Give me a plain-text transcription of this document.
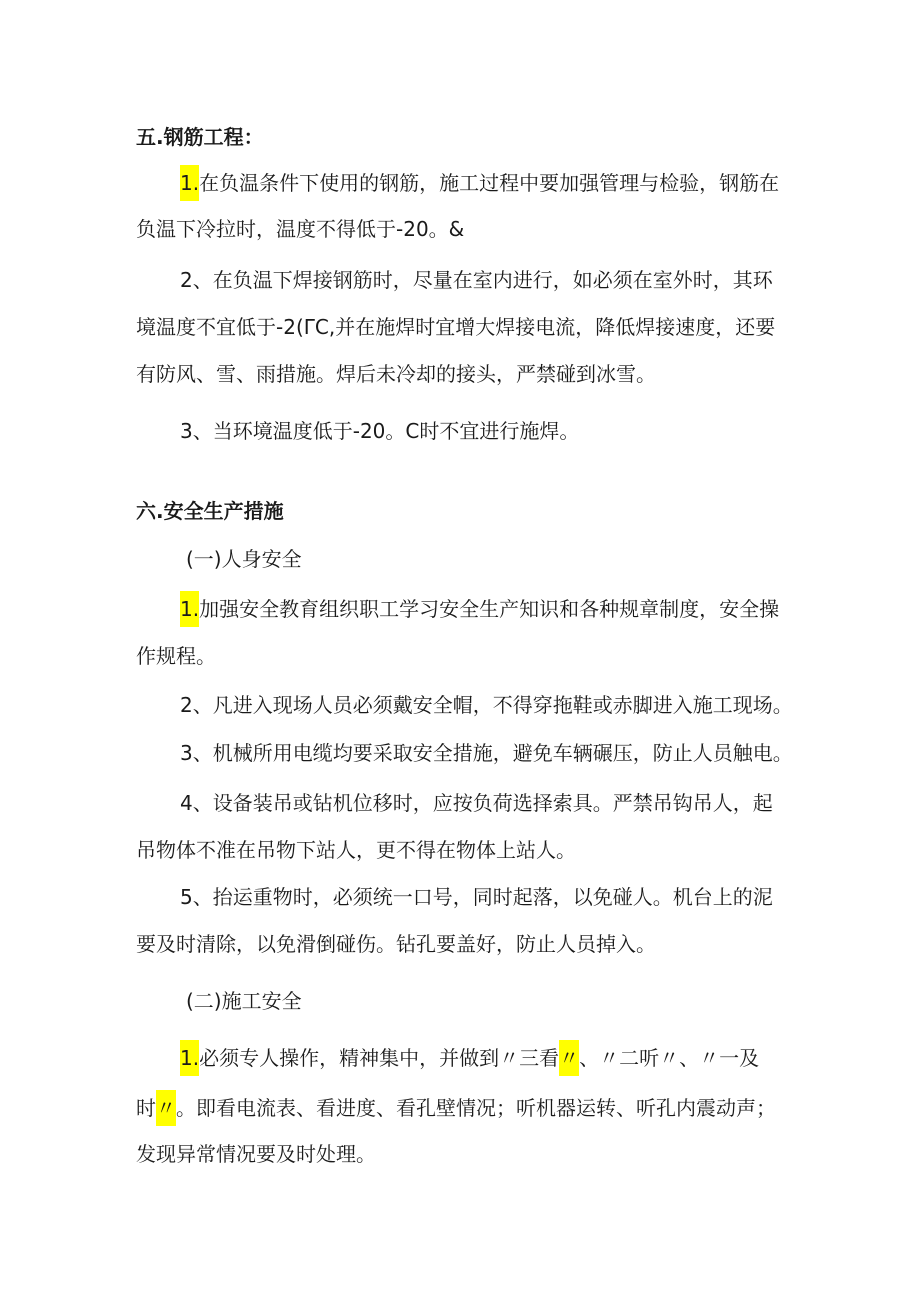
五.钢筋工程：
1.在负温条件下使用的钢筋，施工过程中要加强管理与检验，钢筋在
负温下冷拉时，温度不得低于-20。&
2、在负温下焊接钢筋时，尽量在室内进行，如必须在室外时，其环
境温度不宜低于-2(ΓC,并在施焊时宜增大焊接电流，降低焊接速度，还要
有防风、雪、雨措施。焊后未冷却的接头，严禁碰到冰雪。
3、当环境温度低于-20。C时不宜进行施焊。
六.安全生产措施
(一)人身安全
1.加强安全教育组织职工学习安全生产知识和各种规章制度，安全操
作规程。
2、凡进入现场人员必须戴安全帽，不得穿拖鞋或赤脚进入施工现场。
3、机械所用电缆均要采取安全措施，避免车辆碾压，防止人员触电。
4、设备装吊或钻机位移时，应按负荷选择索具。严禁吊钩吊人，起
吊物体不准在吊物下站人，更不得在物体上站人。
5、抬运重物时，必须统一口号，同时起落，以免碰人。机台上的泥
要及时清除，以免滑倒碰伤。钻孔要盖好，防止人员掉入。
(二)施工安全
1.必须专人操作，精神集中，并做到〃三看〃、〃二听〃、〃一及
时〃。即看电流表、看进度、看孔壁情况；听机器运转、听孔内震动声；
发现异常情况要及时处理。
